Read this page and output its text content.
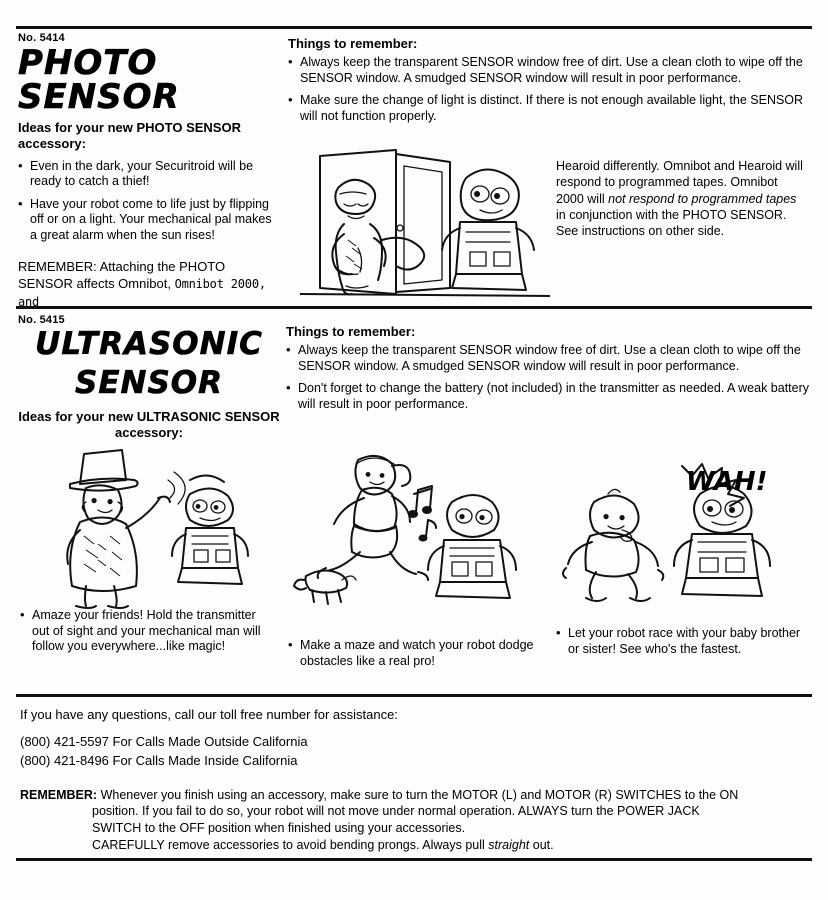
No. 5414
PHOTO SENSOR
Ideas for your new PHOTO SENSOR accessory:
• Even in the dark, your Securitroid will be ready to catch a thief!
• Have your robot come to life just by flipping off or on a light. Your mechanical pal makes a great alarm when the sun rises!
REMEMBER: Attaching the PHOTO SENSOR affects Omnibot, Omnibot 2000, and
Things to remember:
• Always keep the transparent SENSOR window free of dirt. Use a clean cloth to wipe off the SENSOR window. A smudged SENSOR window will result in poor performance.
• Make sure the change of light is distinct. If there is not enough available light, the SENSOR will not function properly.
Hearoid differently. Omnibot and Hearoid will respond to programmed tapes. Omnibot 2000 will not respond to programmed tapes in conjunction with the PHOTO SENSOR. See instructions on other side.
No. 5415
ULTRASONIC
SENSOR
Ideas for your new ULTRASONIC SENSOR accessory:
Things to remember:
• Always keep the transparent SENSOR window free of dirt. Use a clean cloth to wipe off the SENSOR window. A smudged SENSOR window will result in poor performance.
• Don't forget to change the battery (not included) in the transmitter as needed. A weak battery will result in poor performance.
WAH!
• Amaze your friends! Hold the transmitter out of sight and your mechanical man will follow you everywhere...like magic!	• Make a maze and watch your robot dodge obstacles like a real pro!
• Let your robot race with your baby brother or sister! See who's the fastest.
If you have any questions, call our toll free number for assistance:
(800) 421-5597 For Calls Made Outside California
(800) 421-8496 For Calls Made Inside California
REMEMBER: Whenever you finish using an accessory, make sure to turn the MOTOR (L) and MOTOR (R) SWITCHES to the ON
position. If you fail to do so, your robot will not move under normal operation. ALWAYS turn the POWER JACK
SWITCH to the OFF position when finished using your accessories.
CAREFULLY remove accessories to avoid bending prongs. Always pull straight out.
